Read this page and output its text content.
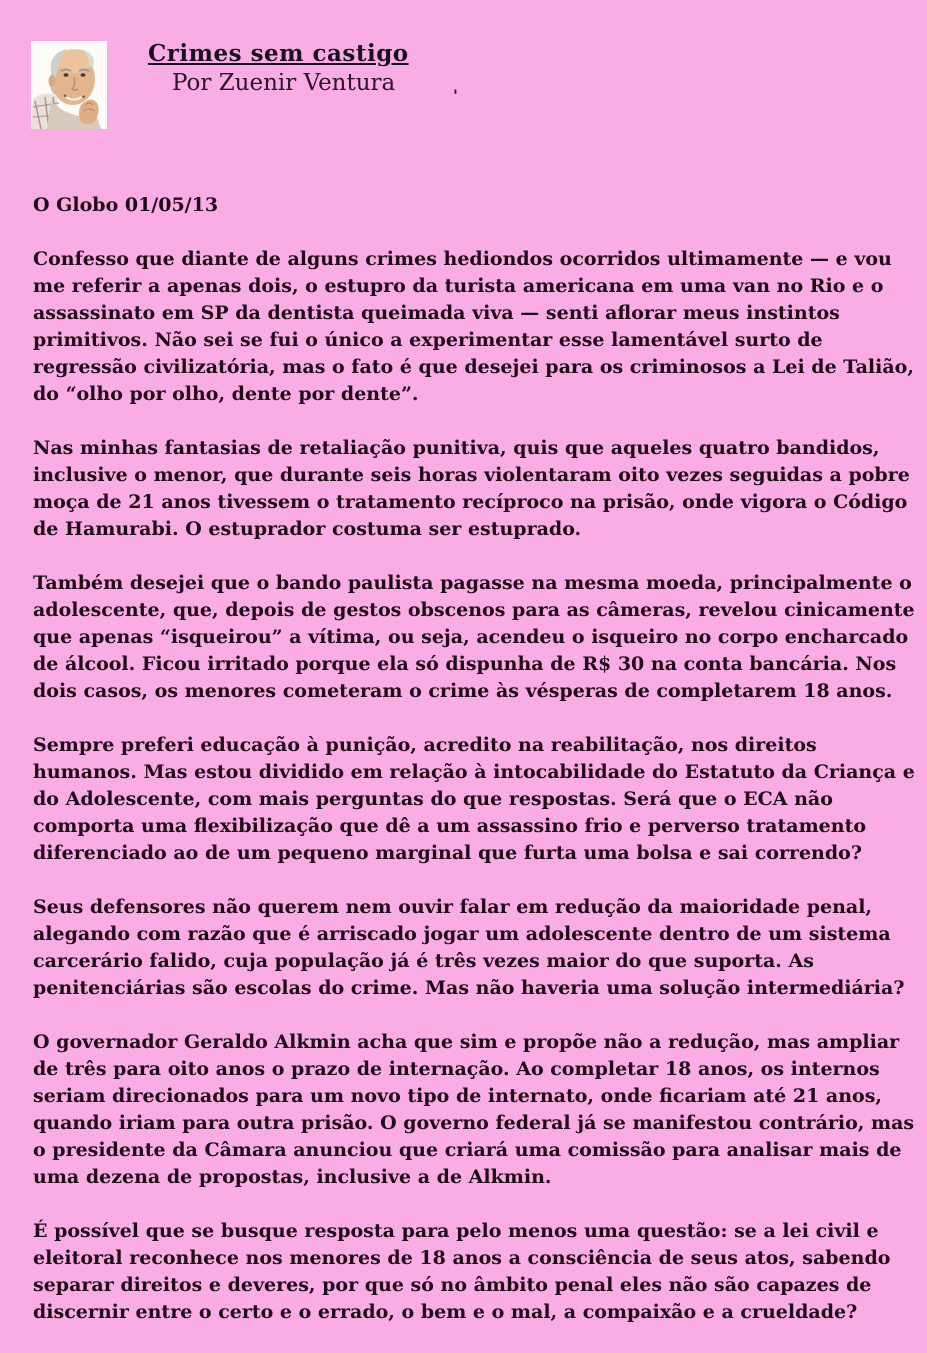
Crimes sem castigo
Por Zuenir Ventura	'

O Globo 01/05/13

Confesso que diante de alguns crimes hediondos ocorridos ultimamente — e vou me referir a apenas dois, o estupro da turista americana em uma van no Rio e o assassinato em SP da dentista queimada viva — senti aflorar meus instintos primitivos. Não sei se fui o único a experimentar esse lamentável surto de regressão civilizatória, mas o fato é que desejei para os criminosos a Lei de Talião, do “olho por olho, dente por dente”.

Nas minhas fantasias de retaliação punitiva, quis que aqueles quatro bandidos, inclusive o menor, que durante seis horas violentaram oito vezes seguidas a pobre moça de 21 anos tivessem o tratamento recíproco na prisão, onde vigora o Código de Hamurabi. O estuprador costuma ser estuprado.

Também desejei que o bando paulista pagasse na mesma moeda, principalmente o adolescente, que, depois de gestos obscenos para as câmeras, revelou cinicamente que apenas “isqueirou” a vítima, ou seja, acendeu o isqueiro no corpo encharcado de álcool. Ficou irritado porque ela só dispunha de R$ 30 na conta bancária. Nos dois casos, os menores cometeram o crime às vésperas de completarem 18 anos.

Sempre preferi educação à punição, acredito na reabilitação, nos direitos humanos. Mas estou dividido em relação à intocabilidade do Estatuto da Criança e do Adolescente, com mais perguntas do que respostas. Será que o ECA não comporta uma flexibilização que dê a um assassino frio e perverso tratamento diferenciado ao de um pequeno marginal que furta uma bolsa e sai correndo?

Seus defensores não querem nem ouvir falar em redução da maioridade penal, alegando com razão que é arriscado jogar um adolescente dentro de um sistema carcerário falido, cuja população já é três vezes maior do que suporta. As penitenciárias são escolas do crime. Mas não haveria uma solução intermediária?

O governador Geraldo Alkmin acha que sim e propõe não a redução, mas ampliar de três para oito anos o prazo de internação. Ao completar 18 anos, os internos seriam direcionados para um novo tipo de internato, onde ficariam até 21 anos, quando iriam para outra prisão. O governo federal já se manifestou contrário, mas o presidente da Câmara anunciou que criará uma comissão para analisar mais de uma dezena de propostas, inclusive a de Alkmin.

É possível que se busque resposta para pelo menos uma questão: se a lei civil e eleitoral reconhece nos menores de 18 anos a consciência de seus atos, sabendo separar direitos e deveres, por que só no âmbito penal eles não são capazes de discernir entre o certo e o errado, o bem e o mal, a compaixão e a crueldade?
